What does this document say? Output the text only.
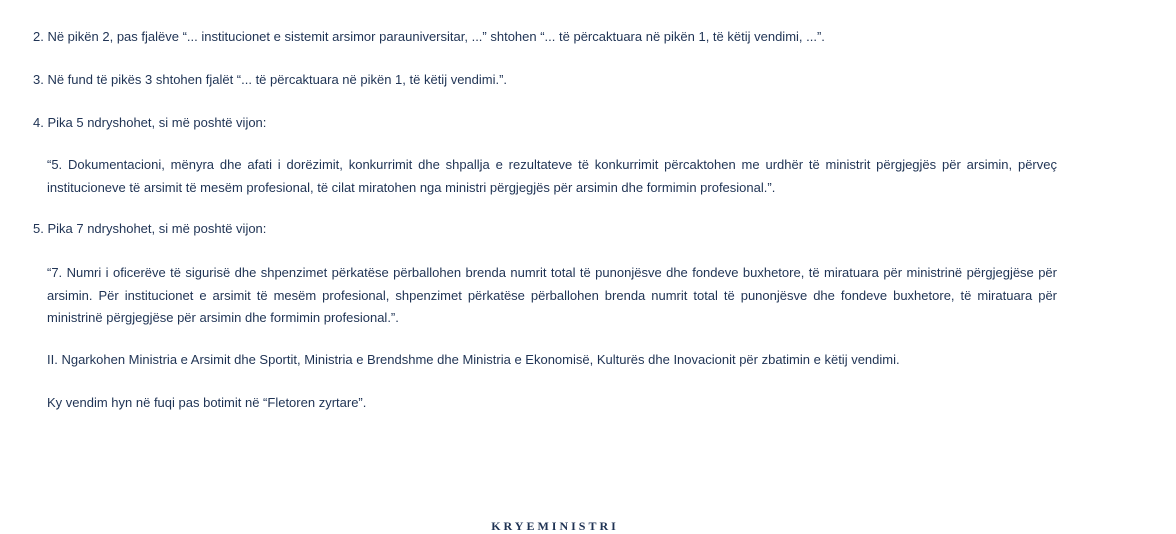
2. Në pikën 2, pas fjalëve “... institucionet e sistemit arsimor parauniversitar, ...” shtohen “... të përcaktuara në pikën 1, të këtij vendimi, ...”.

3. Në fund të pikës 3 shtohen fjalët “... të përcaktuara në pikën 1, të këtij vendimi.”.

4. Pika 5 ndryshohet, si më poshtë vijon:

“5. Dokumentacioni, mënyra dhe afati i dorëzimit, konkurrimit dhe shpallja e rezultateve të konkurrimit përcaktohen me urdhër të ministrit përgjegjës për arsimin, përveç institucioneve të arsimit të mesëm profesional, të cilat miratohen nga ministri përgjegjës për arsimin dhe formimin profesional.”.

5. Pika 7 ndryshohet, si më poshtë vijon:

“7. Numri i oficerëve të sigurisë dhe shpenzimet përkatëse përballohen brenda numrit total të punonjësve dhe fondeve buxhetore, të miratuara për ministrinë përgjegjëse për arsimin. Për institucionet e arsimit të mesëm profesional, shpenzimet përkatëse përballohen brenda numrit total të punonjësve dhe fondeve buxhetore, të miratuara për ministrinë përgjegjëse për arsimin dhe formimin profesional.”.

II. Ngarkohen Ministria e Arsimit dhe Sportit, Ministria e Brendshme dhe Ministria e Ekonomisë, Kulturës dhe Inovacionit për zbatimin e këtij vendimi.

Ky vendim hyn në fuqi pas botimit në “Fletoren zyrtare”.

KRYEMINISTRI
